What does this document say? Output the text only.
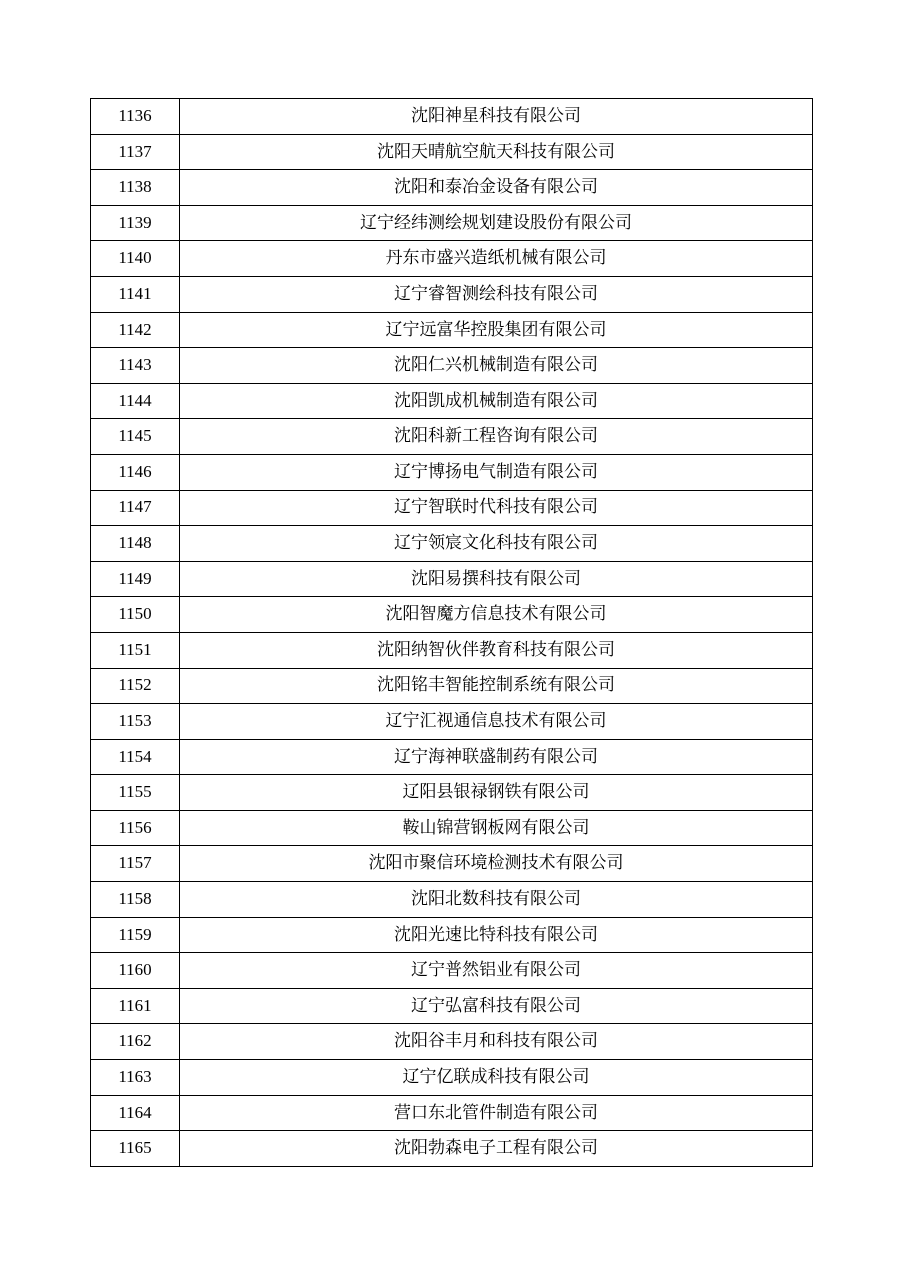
1136	沈阳神星科技有限公司
1137	沈阳天晴航空航天科技有限公司
1138	沈阳和泰冶金设备有限公司
1139	辽宁经纬测绘规划建设股份有限公司
1140	丹东市盛兴造纸机械有限公司
1141	辽宁睿智测绘科技有限公司
1142	辽宁远富华控股集团有限公司
1143	沈阳仁兴机械制造有限公司
1144	沈阳凯成机械制造有限公司
1145	沈阳科新工程咨询有限公司
1146	辽宁博扬电气制造有限公司
1147	辽宁智联时代科技有限公司
1148	辽宁领宸文化科技有限公司
1149	沈阳易撰科技有限公司
1150	沈阳智魔方信息技术有限公司
1151	沈阳纳智伙伴教育科技有限公司
1152	沈阳铭丰智能控制系统有限公司
1153	辽宁汇视通信息技术有限公司
1154	辽宁海神联盛制药有限公司
1155	辽阳县银禄钢铁有限公司
1156	鞍山锦营钢板网有限公司
1157	沈阳市聚信环境检测技术有限公司
1158	沈阳北数科技有限公司
1159	沈阳光速比特科技有限公司
1160	辽宁普然铝业有限公司
1161	辽宁弘富科技有限公司
1162	沈阳谷丰月和科技有限公司
1163	辽宁亿联成科技有限公司
1164	营口东北管件制造有限公司
1165	沈阳勃森电子工程有限公司
